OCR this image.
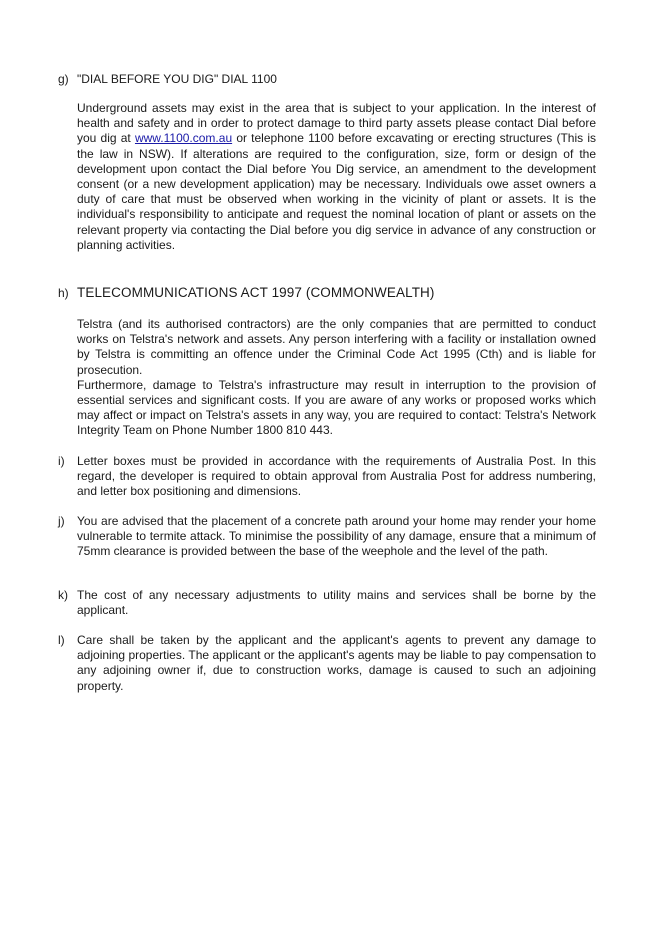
g) "DIAL BEFORE YOU DIG" DIAL 1100

Underground assets may exist in the area that is subject to your application. In the interest of health and safety and in order to protect damage to third party assets please contact Dial before you dig at www.1100.com.au or telephone 1100 before excavating or erecting structures (This is the law in NSW). If alterations are required to the configuration, size, form or design of the development upon contact the Dial before You Dig service, an amendment to the development consent (or a new development application) may be necessary. Individuals owe asset owners a duty of care that must be observed when working in the vicinity of plant or assets. It is the individual's responsibility to anticipate and request the nominal location of plant or assets on the relevant property via contacting the Dial before you dig service in advance of any construction or planning activities.

h) TELECOMMUNICATIONS ACT 1997 (COMMONWEALTH)

Telstra (and its authorised contractors) are the only companies that are permitted to conduct works on Telstra's network and assets. Any person interfering with a facility or installation owned by Telstra is committing an offence under the Criminal Code Act 1995 (Cth) and is liable for prosecution.

Furthermore, damage to Telstra's infrastructure may result in interruption to the provision of essential services and significant costs. If you are aware of any works or proposed works which may affect or impact on Telstra's assets in any way, you are required to contact: Telstra's Network Integrity Team on Phone Number 1800 810 443.

i) Letter boxes must be provided in accordance with the requirements of Australia Post. In this regard, the developer is required to obtain approval from Australia Post for address numbering, and letter box positioning and dimensions.
j) You are advised that the placement of a concrete path around your home may render your home vulnerable to termite attack. To minimise the possibility of any damage, ensure that a minimum of 75mm clearance is provided between the base of the weephole and the level of the path.
k) The cost of any necessary adjustments to utility mains and services shall be borne by the applicant.
l) Care shall be taken by the applicant and the applicant's agents to prevent any damage to adjoining properties. The applicant or the applicant's agents may be liable to pay compensation to any adjoining owner if, due to construction works, damage is caused to such an adjoining property.
